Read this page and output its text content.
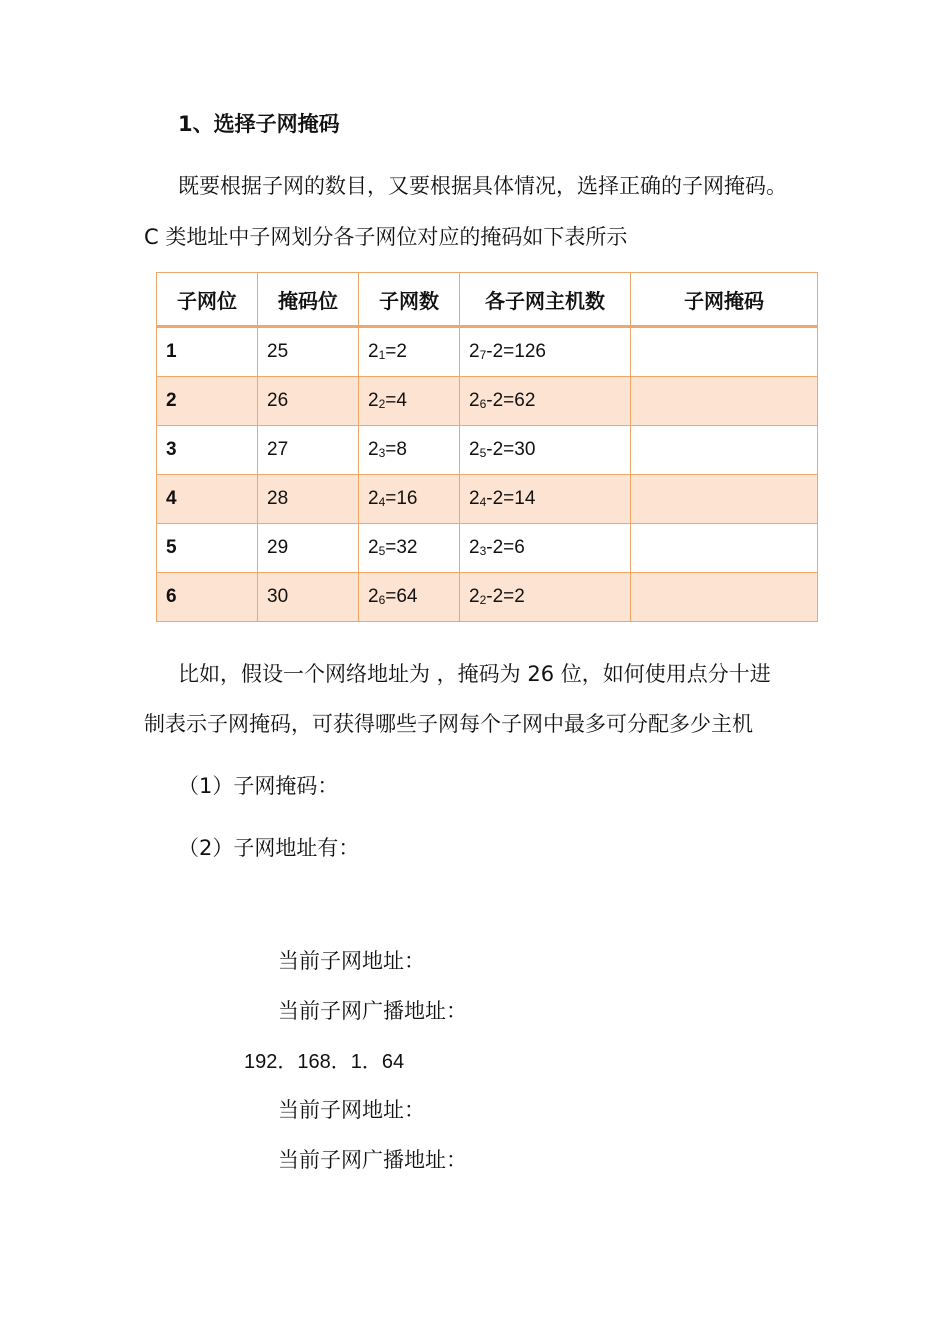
1、选择子网掩码
既要根据子网的数目，又要根据具体情况，选择正确的子网掩码。
C 类地址中子网划分各子网位对应的掩码如下表所示
子网位	掩码位	子网数	各子网主机数	子网掩码
1	25	$2_1=2$	$2_7-2=126$	
2	26	$2_2=4$	$2_6-2=62$	
3	27	$2_3=8$	$2_5-2=30$	
4	28	$2_4=16$	$2_4-2=14$	
5	29	$2_5=32$	$2_3-2=6$	
6	30	$2_6=64$	$2_2-2=2$	
比如，假设一个网络地址为 ，掩码为 26 位，如何使用点分十进
制表示子网掩码，可获得哪些子网每个子网中最多可分配多少主机
（1）子网掩码：
（2）子网地址有：
当前子网地址：
当前子网广播地址：
192．168．1．64
当前子网地址：
当前子网广播地址：
